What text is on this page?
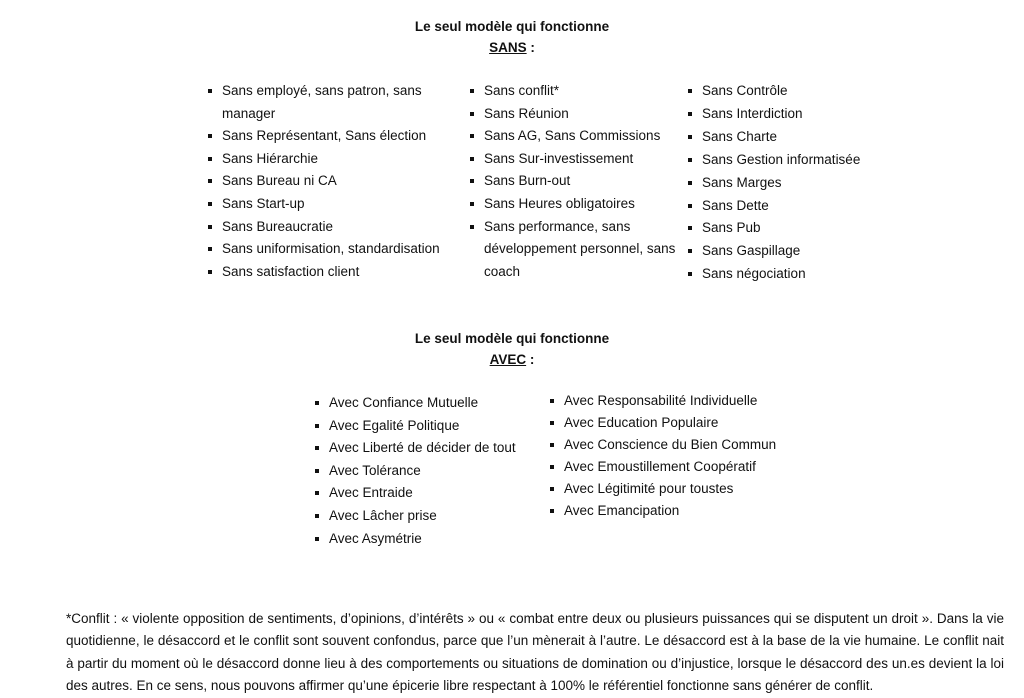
Le seul modèle qui fonctionne
SANS :
Sans employé, sans patron, sans manager
Sans Représentant, Sans élection
Sans Hiérarchie
Sans Bureau ni CA
Sans Start-up
Sans Bureaucratie
Sans uniformisation, standardisation
Sans satisfaction client
Sans conflit*
Sans Réunion
Sans AG, Sans Commissions
Sans Sur-investissement
Sans Burn-out
Sans Heures obligatoires
Sans performance, sans développement personnel, sans coach
Sans Contrôle
Sans Interdiction
Sans Charte
Sans Gestion informatisée
Sans Marges
Sans Dette
Sans Pub
Sans Gaspillage
Sans négociation
Le seul modèle qui fonctionne
AVEC :
Avec Confiance Mutuelle
Avec Egalité Politique
Avec Liberté de décider de tout
Avec Tolérance
Avec Entraide
Avec Lâcher prise
Avec Asymétrie
Avec Responsabilité Individuelle
Avec Education Populaire
Avec Conscience du Bien Commun
Avec Emoustillement Coopératif
Avec Légitimité pour toustes
Avec Emancipation

*Conflit : « violente opposition de sentiments, d’opinions, d’intérêts » ou « combat entre deux ou plusieurs puissances qui se disputent un droit ». Dans la vie quotidienne, le désaccord et le conflit sont souvent confondus, parce que l’un mènerait à l’autre. Le désaccord est à la base de la vie humaine. Le conflit nait à partir du moment où le désaccord donne lieu à des comportements ou situations de domination ou d’injustice, lorsque le désaccord des un.es devient la loi des autres. En ce sens, nous pouvons affirmer qu’une épicerie libre respectant à 100% le référentiel fonctionne sans générer de conflit.
